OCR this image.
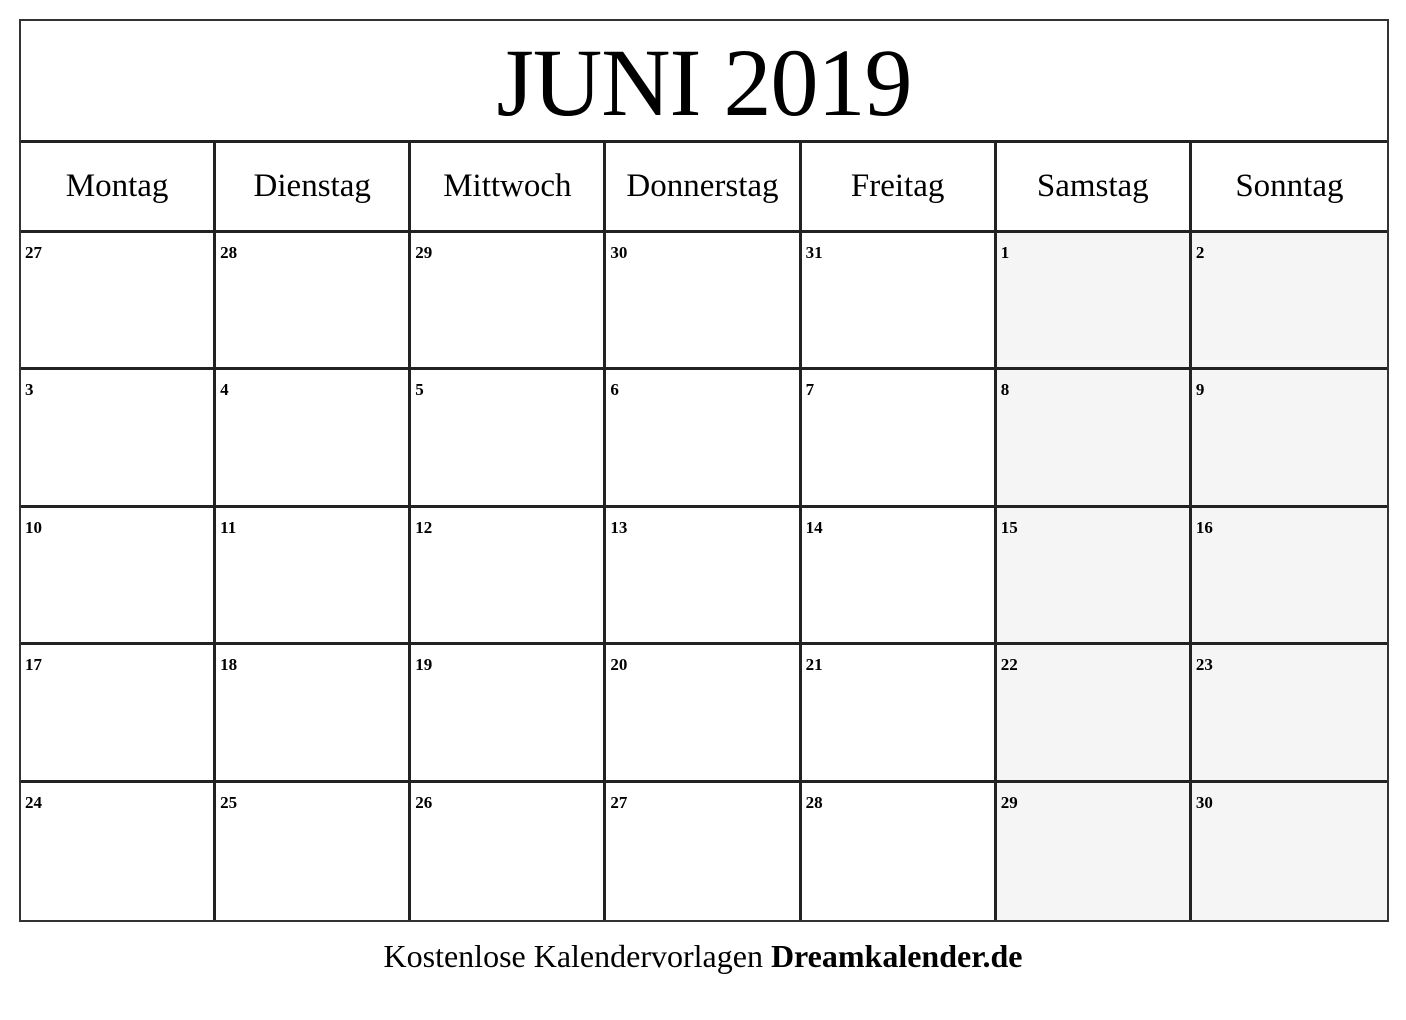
JUNI 2019
Montag	Dienstag	Mittwoch	Donnerstag	Freitag	Samstag	Sonntag
27	28	29	30	31	1	2
3	4	5	6	7	8	9
10	11	12	13	14	15	16
17	18	19	20	21	22	23
24	25	26	27	28	29	30
Kostenlose Kalendervorlagen Dreamkalender.de
